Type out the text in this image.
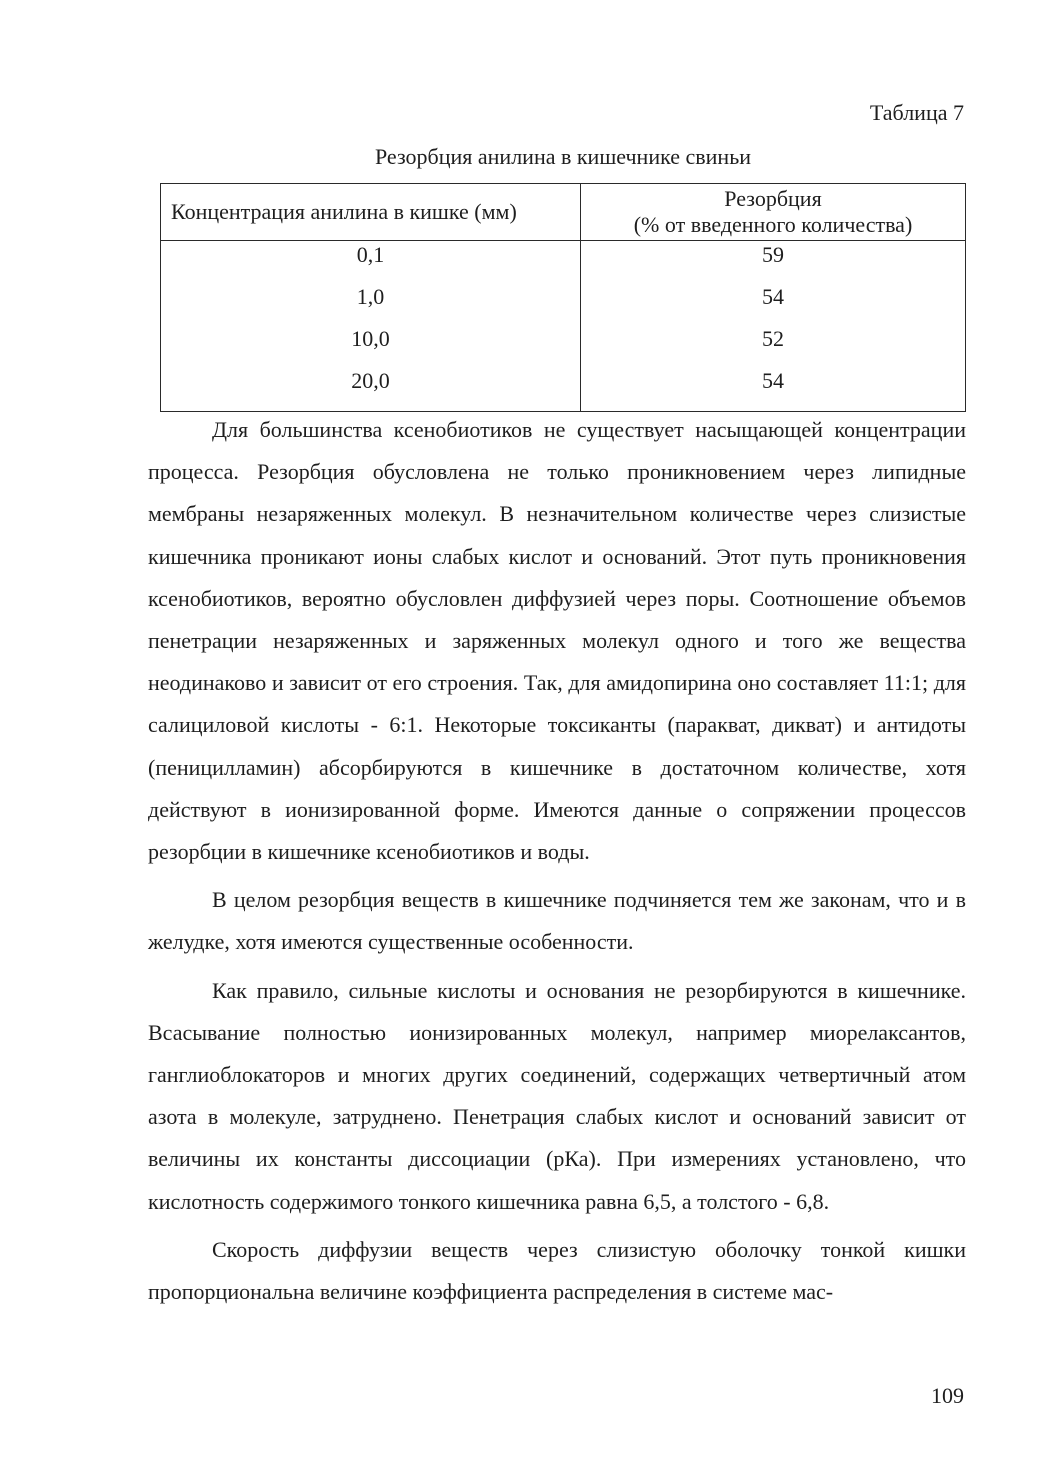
Таблица 7
Резорбция анилина в кишечнике свиньи
Концентрация анилина в кишке (мм)	Резорбция
(% от введенного количества)

0,1	59
1,0	54
10,0	52
20,0	54

Для большинства ксенобиотиков не существует насыщающей концентрации процесса. Резорбция обусловлена не только проникновением через липидные мембраны незаряженных молекул. В незначительном количестве через слизистые кишечника проникают ионы слабых кислот и оснований. Этот путь проникновения ксенобиотиков, вероятно обусловлен диффузией через поры. Соотношение объемов пенетрации незаряженных и заряженных молекул одного и того же вещества неодинаково и зависит от его строения. Так, для амидопирина оно составляет 11:1; для салициловой кислоты - 6:1. Некоторые токсиканты (паракват, дикват) и антидоты (пеницилламин) абсорбируются в кишечнике в достаточном количестве, хотя действуют в ионизированной форме. Имеются данные о сопряжении процессов резорбции в кишечнике ксенобиотиков и воды.

В целом резорбция веществ в кишечнике подчиняется тем же законам, что и в желудке, хотя имеются существенные особенности.

Как правило, сильные кислоты и основания не резорбируются в кишечнике. Всасывание полностью ионизированных молекул, например миорелаксантов, ганглиоблокаторов и многих других соединений, содержащих четвертичный атом азота в молекуле, затруднено. Пенетрация слабых кислот и оснований зависит от величины их константы диссоциации (рКа). При измерениях установлено, что кислотность содержимого тонкого кишечника равна 6,5, а толстого - 6,8.

Скорость диффузии веществ через слизистую оболочку тонкой кишки пропорциональна величине коэффициента распределения в системе мас-

109
